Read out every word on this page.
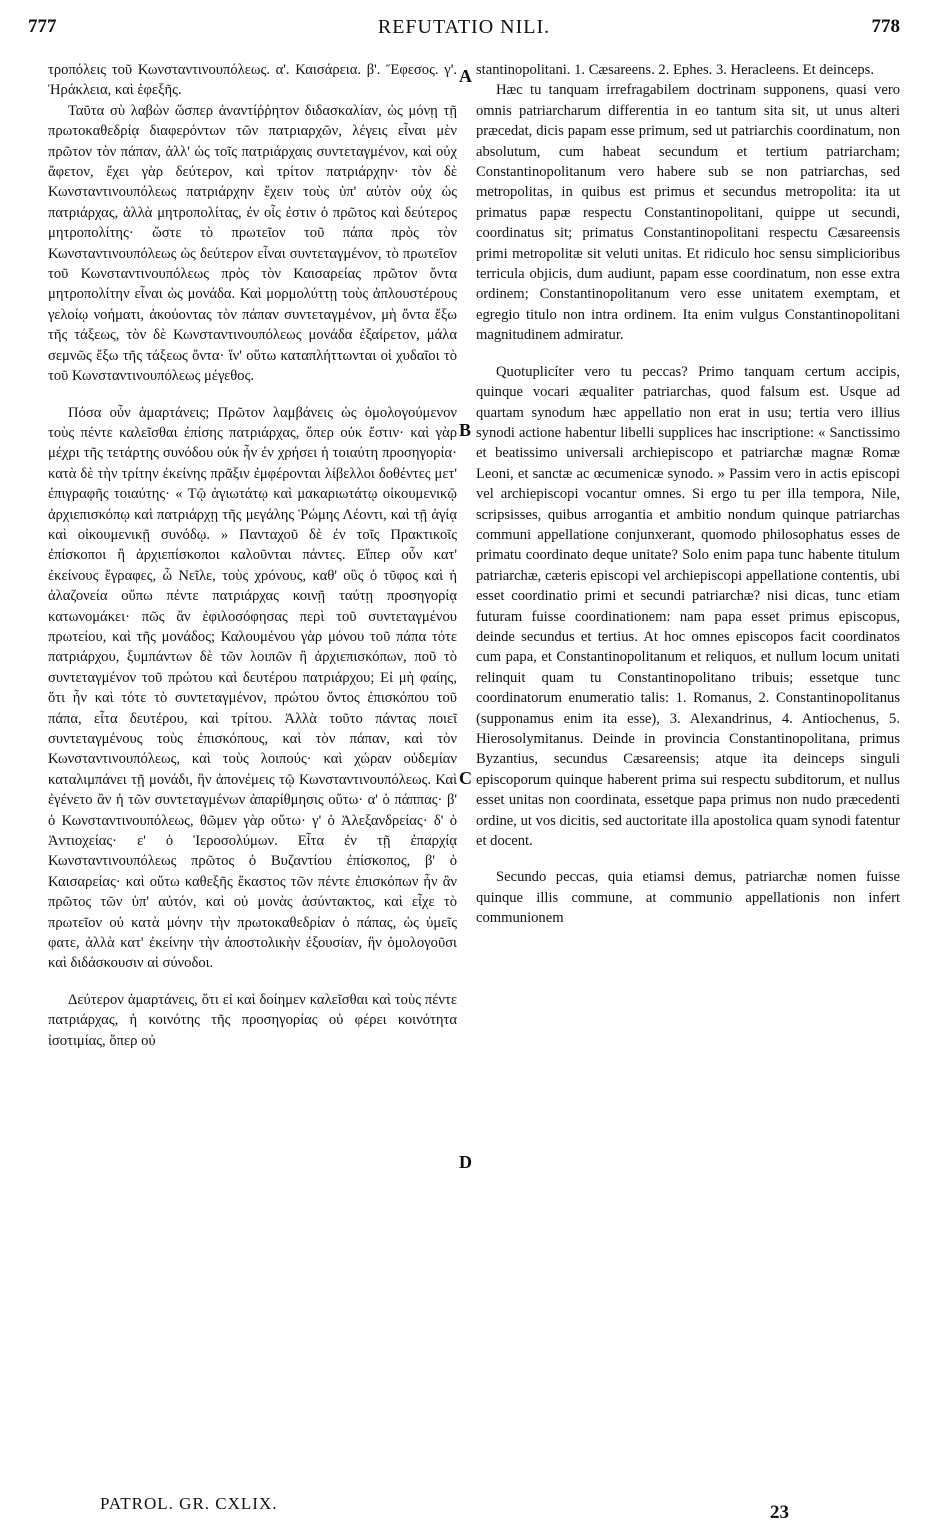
777	REFUTATIO NILI.	778

τροπόλεις τοῦ Κωνσταντινουπόλεως. α'. Καισάρεια. β'. Ἔφεσος. γ'. Ἡράκλεια, καὶ ἑφεξῆς.

Ταῦτα σὺ λαβὼν ὥσπερ ἀναντίῤῥητον διδασκαλίαν, ὡς μόνῃ τῇ πρωτοκαθεδρίᾳ διαφερόντων τῶν πατριαρχῶν, λέγεις εἶναι μὲν πρῶτον τὸν πάπαν, ἀλλ' ὡς τοῖς πατριάρχαις συντεταγμένον, καὶ οὐχ ἄφετον, ἔχει γὰρ δεύτερον, καὶ τρίτον πατριάρχην· τὸν δὲ Κωνσταντινουπόλεως πατριάρχην ἔχειν τοὺς ὑπ' αὐτὸν οὐχ ὡς πατριάρχας, ἀλλὰ μητροπολίτας, ἐν οἷς ἐστιν ὁ πρῶτος καὶ δεύτερος μητροπολίτης· ὥστε τὸ πρωτεῖον τοῦ πάπα πρὸς τὸν Κωνσταντινουπόλεως ὡς δεύτερον εἶναι συντεταγμένον, τὸ πρωτεῖον τοῦ Κωνσταντινουπόλεως πρὸς τὸν Καισαρείας πρῶτον ὄντα μητροπολίτην εἶναι ὡς μονάδα. Καὶ μορμολύττῃ τοὺς ἁπλουστέρους γελοίῳ νοήματι, ἀκούοντας τὸν πάπαν συντεταγμένον, μὴ ὄντα ἔξω τῆς τάξεως, τὸν δὲ Κωνσταντινουπόλεως μονάδα ἐξαίρετον, μάλα σεμνῶς ἔξω τῆς τάξεως ὄντα· ἵν' οὕτω καταπλήττωνται οἱ χυδαῖοι τὸ τοῦ Κωνσταντινουπόλεως μέγεθος.

Πόσα οὖν ἁμαρτάνεις; Πρῶτον λαμβάνεις ὡς ὁμολογούμενον τοὺς πέντε καλεῖσθαι ἐπίσης πατριάρχας, ὅπερ οὐκ ἔστιν· καὶ γὰρ μέχρι τῆς τετάρτης συνόδου οὐκ ἦν ἐν χρήσει ἡ τοιαύτη προσηγορία· κατὰ δὲ τὴν τρίτην ἐκείνης πρᾶξιν ἐμφέρονται λίβελλοι δοθέντες μετ' ἐπιγραφῆς τοιαύτης· « Τῷ ἁγιωτάτῳ καὶ μακαριωτάτῳ οἰκουμενικῷ ἀρχιεπισκόπῳ καὶ πατριάρχῃ τῆς μεγάλης Ῥώμης Λέοντι, καὶ τῇ ἁγίᾳ καὶ οἰκουμενικῇ συνόδῳ. » Πανταχοῦ δὲ ἐν τοῖς Πρακτικοῖς ἐπίσκοποι ἢ ἀρχιεπίσκοποι καλοῦνται πάντες. Εἴπερ οὖν κατ' ἐκείνους ἔγραφες, ὦ Νεῖλε, τοὺς χρόνους, καθ' οὓς ὁ τῦφος καὶ ἡ ἀλαζονεία οὔπω πέντε πατριάρχας κοινῇ ταύτῃ προσηγορίᾳ κατωνομάκει· πῶς ἂν ἐφιλοσόφησας περὶ τοῦ συντεταγμένου πρωτείου, καὶ τῆς μονάδος; Καλουμένου γὰρ μόνου τοῦ πάπα τότε πατριάρχου, ξυμπάντων δὲ τῶν λοιπῶν ἢ ἀρχιεπισκόπων, ποῦ τὸ συντεταγμένον τοῦ πρώτου καὶ δευτέρου πατριάρχου; Εἰ μὴ φαίης, ὅτι ἦν καὶ τότε τὸ συντεταγμένον, πρώτου ὄντος ἐπισκόπου τοῦ πάπα, εἶτα δευτέρου, καὶ τρίτου. Ἀλλὰ τοῦτο πάντας ποιεῖ συντεταγμένους τοὺς ἐπισκόπους, καὶ τὸν πάπαν, καὶ τὸν Κωνσταντινουπόλεως, καὶ τοὺς λοιπούς· καὶ χώραν οὐδεμίαν καταλιμπάνει τῇ μονάδι, ἣν ἀπονέμεις τῷ Κωνσταντινουπόλεως. Καὶ ἐγένετο ἂν ἡ τῶν συντεταγμένων ἀπαρίθμησις οὕτω· α' ὁ πάππας· β' ὁ Κωνσταντινουπόλεως, θῶμεν γὰρ οὕτω· γ' ὁ Ἀλεξανδρείας· δ' ὁ Ἀντιοχείας· ε' ὁ Ἱεροσολύμων. Εἶτα ἐν τῇ ἐπαρχίᾳ Κωνσταντινουπόλεως πρῶτος ὁ Βυζαντίου ἐπίσκοπος, β' ὁ Καισαρείας· καὶ οὕτω καθεξῆς ἕκαστος τῶν πέντε ἐπισκόπων ἦν ἂν πρῶτος τῶν ὑπ' αὐτόν, καὶ οὐ μονὰς ἀσύντακτος, καὶ εἶχε τὸ πρωτεῖον οὐ κατὰ μόνην τὴν πρωτοκαθεδρίαν ὁ πάπας, ὡς ὑμεῖς φατε, ἀλλὰ κατ' ἐκείνην τὴν ἀποστολικὴν ἐξουσίαν, ἣν ὁμολογοῦσι καὶ διδάσκουσιν αἱ σύνοδοι.

Δεύτερον ἁμαρτάνεις, ὅτι εἰ καὶ δοίημεν καλεῖσθαι καὶ τοὺς πέντε πατριάρχας, ἡ κοινότης τῆς προσηγορίας οὐ φέρει κοινότητα ἰσοτιμίας, ὅπερ οὐ

stantinopolitani. 1. Cæsareens. 2. Ephes. 3. Heracleens. Et deinceps.

Hæc tu tanquam irrefragabilem doctrinam supponens, quasi vero omnis patriarcharum differentia in eo tantum sita sit, ut unus alteri præcedat, dicis papam esse primum, sed ut patriarchis coordinatum, non absolutum, cum habeat secundum et tertium patriarcham; Constantinopolitanum vero habere sub se non patriarchas, sed metropolitas, in quibus est primus et secundus metropolita: ita ut primatus papæ respectu Constantinopolitani, quippe ut secundi, coordinatus sit; primatus Constantinopolitani respectu Cæsareensis primi metropolitæ sit veluti unitas. Et ridiculo hoc sensu simplicioribus terricula objicis, dum audiunt, papam esse coordinatum, non esse extra ordinem; Constantinopolitanum vero esse unitatem exemptam, et egregio titulo non intra ordinem. Ita enim vulgus Constantinopolitani magnitudinem admiratur.

Quotuplicíter vero tu peccas? Primo tanquam certum accipis, quinque vocari æqualiter patriarchas, quod falsum est. Usque ad quartam synodum hæc appellatio non erat in usu; tertia vero illius synodi actione habentur libelli supplices hac inscriptione: « Sanctissimo et beatissimo universali archiepiscopo et patriarchæ magnæ Romæ Leoni, et sanctæ ac œcumenicæ synodo. » Passim vero in actis episcopi vel archiepiscopi vocantur omnes. Si ergo tu per illa tempora, Nile, scripsisses, quibus arrogantia et ambitio nondum quinque patriarchas communi appellatione conjunxerant, quomodo philosophatus esses de primatu coordinato deque unitate? Solo enim papa tunc habente titulum patriarchæ, cæteris episcopi vel archiepiscopi appellatione contentis, ubi esset coordinatio primi et secundi patriarchæ? nisi dicas, tunc etiam futuram fuisse coordinationem: nam papa esset primus episcopus, deinde secundus et tertius. At hoc omnes episcopos facit coordinatos cum papa, et Constantinopolitanum et reliquos, et nullum locum unitati relinquit quam tu Constantinopolitano tribuis; essetque tunc coordinatorum enumeratio talis: 1. Romanus, 2. Constantinopolitanus (supponamus enim ita esse), 3. Alexandrinus, 4. Antiochenus, 5. Hierosolymitanus. Deinde in provincia Constantinopolitana, primus Byzantius, secundus Cæsareensis; atque ita deinceps singuli episcoporum quinque haberent prima sui respectu subditorum, et nullus esset unitas non coordinata, essetque papa primus non nudo præcedenti ordine, ut vos dicitis, sed auctoritate illa apostolica quam synodi fatentur et docent.

Secundo peccas, quia etiamsi demus, patriarchæ nomen fuisse quinque illis commune, at communio appellationis non infert communionem

A
B
C
D
PATROL. GR. CXLIX.	23
